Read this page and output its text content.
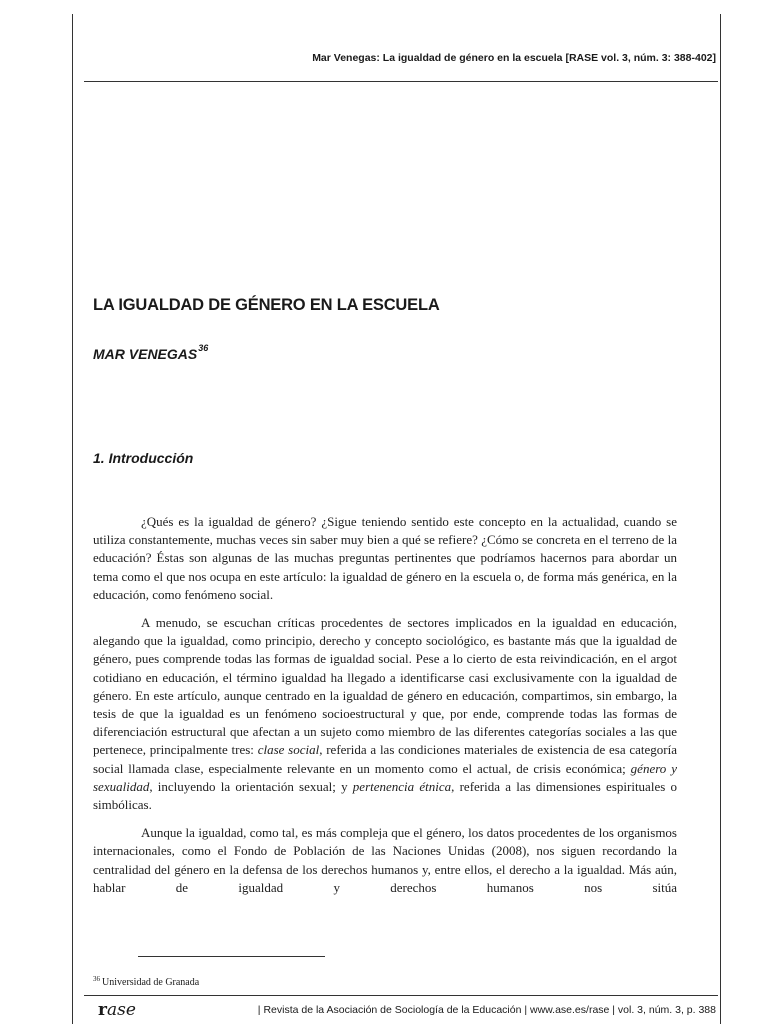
Mar Venegas: La igualdad de género en la escuela [RASE vol. 3, núm. 3: 388-402]
LA IGUALDAD DE GÉNERO EN LA ESCUELA
MAR VENEGAS$^{36}$
1. Introducción

¿Qués es la igualdad de género? ¿Sigue teniendo sentido este concepto en la actualidad, cuando se utiliza constantemente, muchas veces sin saber muy bien a qué se refiere? ¿Cómo se concreta en el terreno de la educación? Éstas son algunas de las muchas preguntas pertinentes que podríamos hacernos para abordar un tema como el que nos ocupa en este artículo: la igualdad de género en la escuela o, de forma más genérica, en la educación, como fenómeno social.

A menudo, se escuchan críticas procedentes de sectores implicados en la igualdad en educación, alegando que la igualdad, como principio, derecho y concepto sociológico, es bastante más que la igualdad de género, pues comprende todas las formas de igualdad social. Pese a lo cierto de esta reivindicación, en el argot cotidiano en educación, el término igualdad ha llegado a identificarse casi exclusivamente con la igualdad de género. En este artículo, aunque centrado en la igualdad de género en educación, compartimos, sin embargo, la tesis de que la igualdad es un fenómeno socioestructural y que, por ende, comprende todas las formas de diferenciación estructural que afectan a un sujeto como miembro de las diferentes categorías sociales a las que pertenece, principalmente tres: clase social, referida a las condiciones materiales de existencia de esa categoría social llamada clase, especialmente relevante en un momento como el actual, de crisis económica; género y sexualidad, incluyendo la orientación sexual; y pertenencia étnica, referida a las dimensiones espirituales o simbólicas.

Aunque la igualdad, como tal, es más compleja que el género, los datos procedentes de los organismos internacionales, como el Fondo de Población de las Naciones Unidas (2008), nos siguen recordando la centralidad del género en la defensa de los derechos humanos y, entre ellos, el derecho a la igualdad. Más aún, hablar de igualdad y derechos humanos nos sitúa

$^{36}$ Universidad de Granada
rase	| Revista de la Asociación de Sociología de la Educación | www.ase.es/rase | vol. 3, núm. 3, p. 388
